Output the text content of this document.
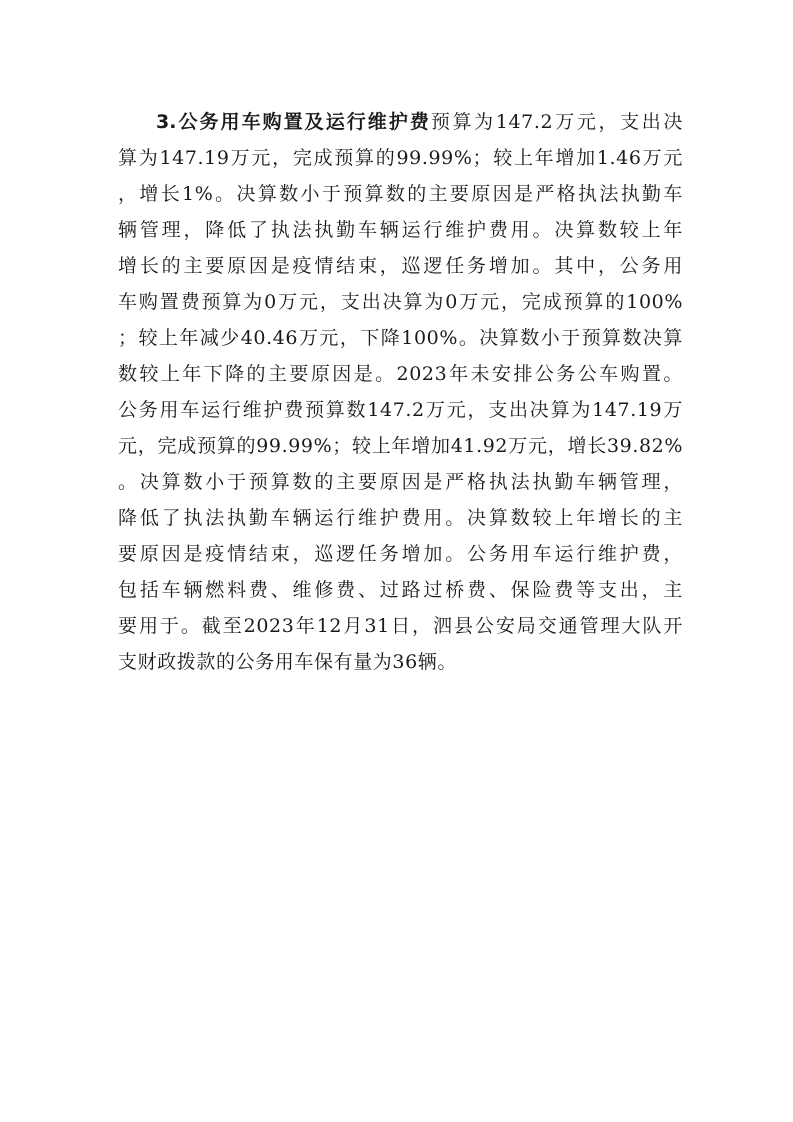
3.公务用车购置及运行维护费预算为147.2万元，支出决
算为147.19万元，完成预算的99.99%；较上年增加1.46万元
，增长1%。决算数小于预算数的主要原因是严格执法执勤车
辆管理，降低了执法执勤车辆运行维护费用。决算数较上年
增长的主要原因是疫情结束，巡逻任务增加。其中，公务用
车购置费预算为0万元，支出决算为0万元，完成预算的100%
；较上年减少40.46万元，下降100%。决算数小于预算数决算
数较上年下降的主要原因是。2023年未安排公务公车购置。
公务用车运行维护费预算数147.2万元，支出决算为147.19万
元，完成预算的99.99%；较上年增加41.92万元，增长39.82%
。决算数小于预算数的主要原因是严格执法执勤车辆管理，
降低了执法执勤车辆运行维护费用。决算数较上年增长的主
要原因是疫情结束，巡逻任务增加。公务用车运行维护费，
包括车辆燃料费、维修费、过路过桥费、保险费等支出，主
要用于。截至2023年12月31日，泗县公安局交通管理大队开
支财政拨款的公务用车保有量为36辆。
